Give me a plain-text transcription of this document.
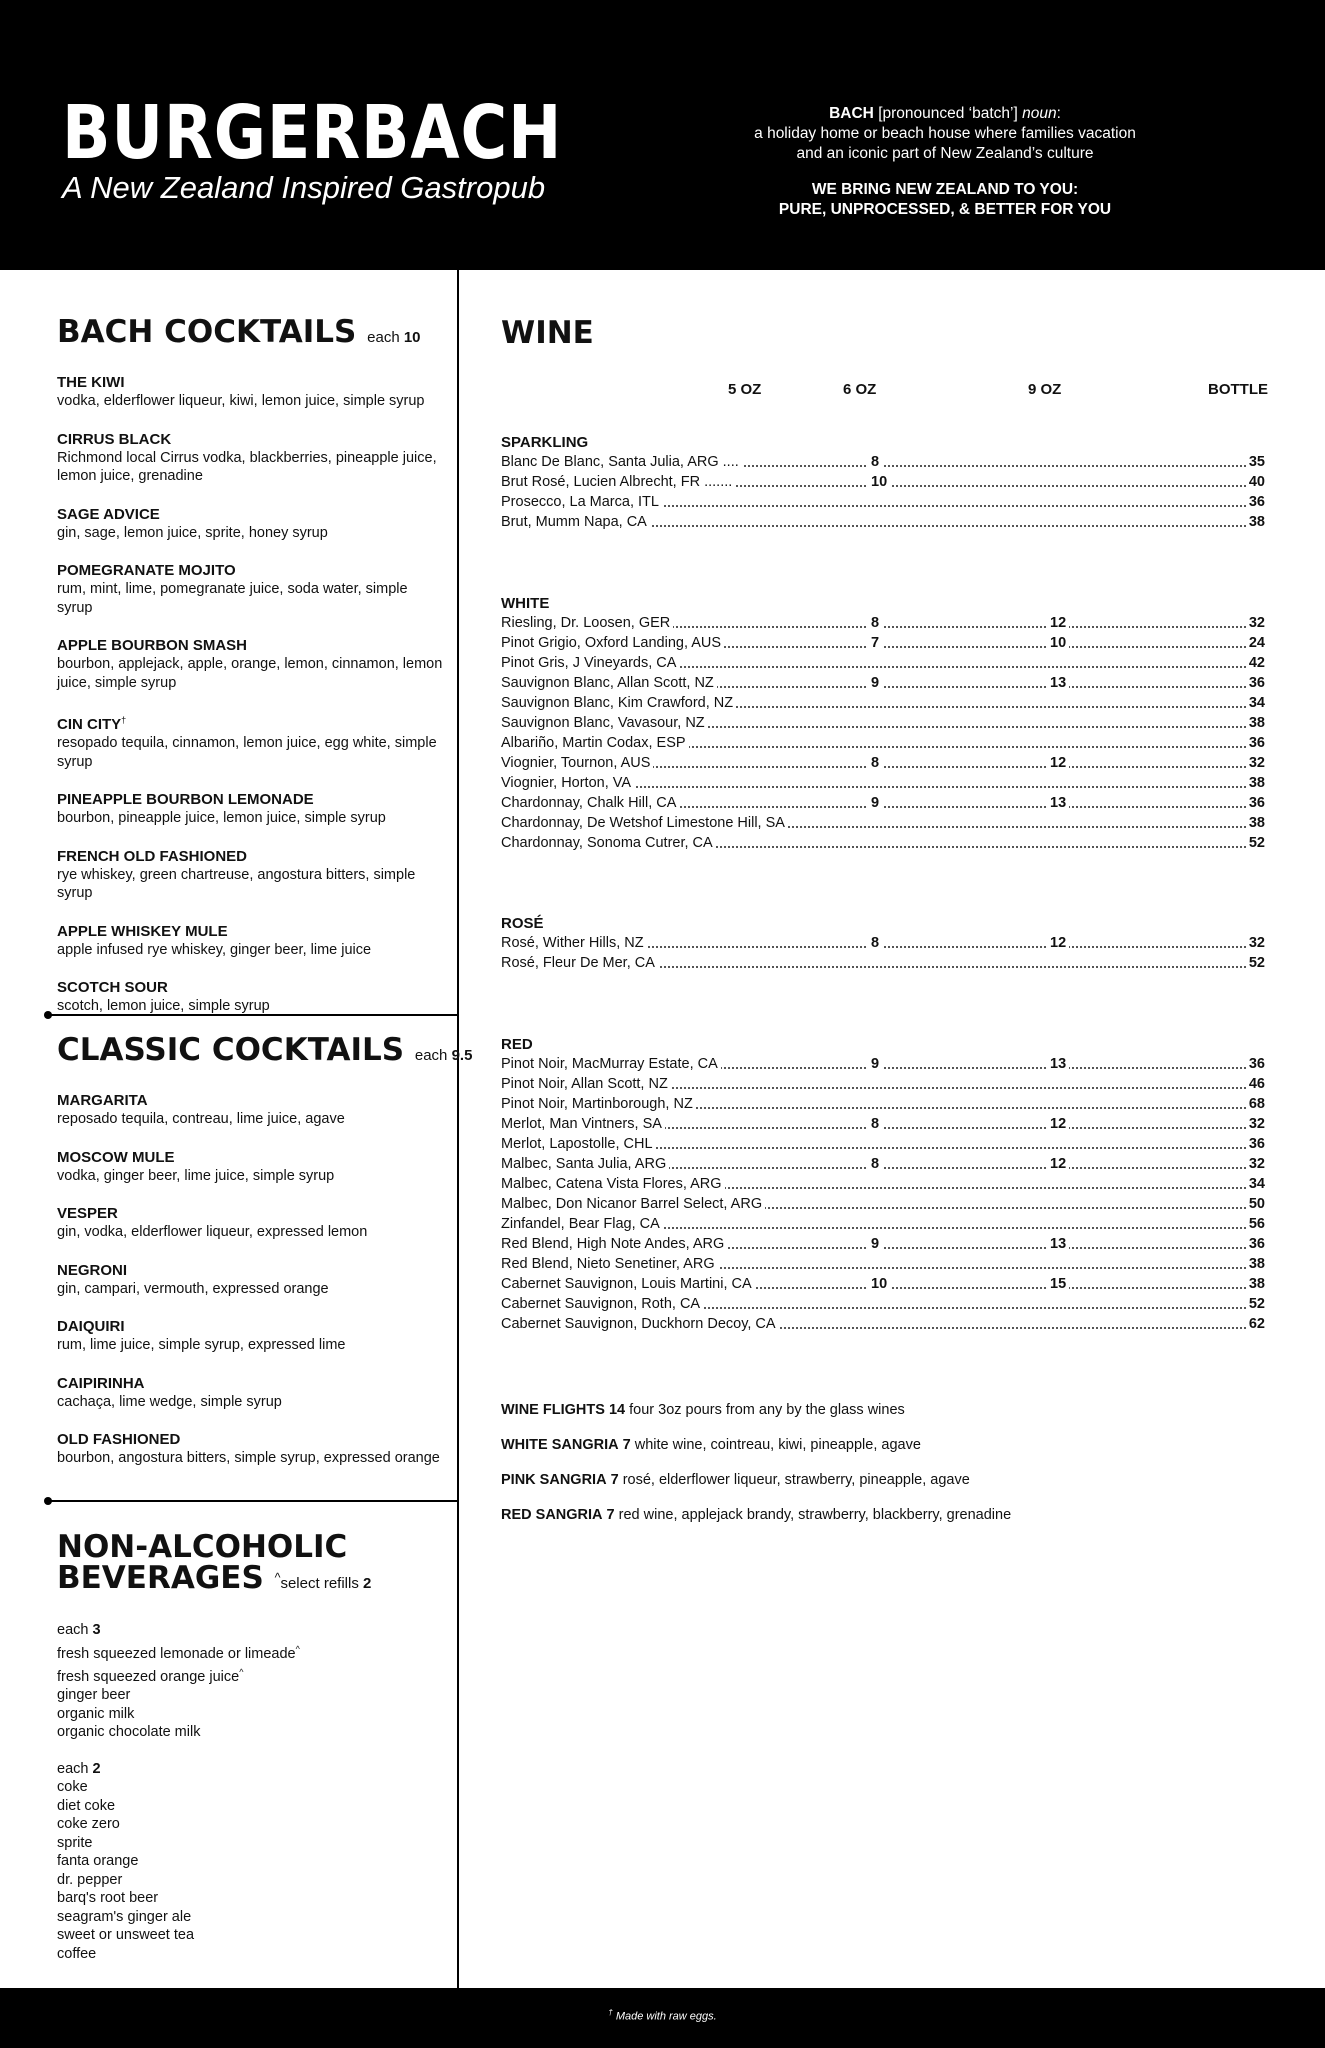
BURGERBACH
A New Zealand Inspired Gastropub
BACH [pronounced ‘batch’] noun:
a holiday home or beach house where families vacation
and an iconic part of New Zealand’s culture
WE BRING NEW ZEALAND TO YOU:
PURE, UNPROCESSED, & BETTER FOR YOU
BACH COCKTAILS each 10
THE KIWI
vodka, elderflower liqueur, kiwi, lemon juice, simple syrup
CIRRUS BLACK
Richmond local Cirrus vodka, blackberries, pineapple juice, lemon juice, grenadine
SAGE ADVICE
gin, sage, lemon juice, sprite, honey syrup
POMEGRANATE MOJITO
rum, mint, lime, pomegranate juice, soda water, simple syrup
APPLE BOURBON SMASH
bourbon, applejack, apple, orange, lemon, cinnamon, lemon juice, simple syrup
CIN CITY†
resopado tequila, cinnamon, lemon juice, egg white, simple syrup
PINEAPPLE BOURBON LEMONADE
bourbon, pineapple juice, lemon juice, simple syrup
FRENCH OLD FASHIONED
rye whiskey, green chartreuse, angostura bitters, simple syrup
APPLE WHISKEY MULE
apple infused rye whiskey, ginger beer, lime juice
SCOTCH SOUR
scotch, lemon juice, simple syrup
CLASSIC COCKTAILS each 9.5
MARGARITA
reposado tequila, contreau, lime juice, agave
MOSCOW MULE
vodka, ginger beer, lime juice, simple syrup
VESPER
gin, vodka, elderflower liqueur, expressed lemon
NEGRONI
gin, campari, vermouth, expressed orange
DAIQUIRI
rum, lime juice, simple syrup, expressed lime
CAIPIRINHA
cachaça, lime wedge, simple syrup
OLD FASHIONED
bourbon, angostura bitters, simple syrup, expressed orange
NON-ALCOHOLIC
BEVERAGES ^select refills 2
each 3
fresh squeezed lemonade or limeade^
fresh squeezed orange juice^
ginger beer
organic milk
organic chocolate milk
each 2
coke
diet coke
coke zero
sprite
fanta orange
dr. pepper
barq's root beer
seagram's ginger ale
sweet or unsweet tea
coffee
WINE
5 OZ	6 OZ	9 OZ	BOTTLE
SPARKLING
Blanc De Blanc, Santa Julia, ARG ....	8	35
Brut Rosé, Lucien Albrecht, FR .......	10	40
Prosecco, La Marca, ITL	36
Brut, Mumm Napa, CA	38
WHITE
Riesling, Dr. Loosen, GER	8	12	32
Pinot Grigio, Oxford Landing, AUS	7	10	24
Pinot Gris, J Vineyards, CA	42
Sauvignon Blanc, Allan Scott, NZ	9	13	36
Sauvignon Blanc, Kim Crawford, NZ	34
Sauvignon Blanc, Vavasour, NZ	38
Albariño, Martin Codax, ESP	36
Viognier, Tournon, AUS	8	12	32
Viognier, Horton, VA	38
Chardonnay, Chalk Hill, CA	9	13	36
Chardonnay, De Wetshof Limestone Hill, SA	38
Chardonnay, Sonoma Cutrer, CA	52
ROSÉ
Rosé, Wither Hills, NZ	8	12	32
Rosé, Fleur De Mer, CA	52
RED
Pinot Noir, MacMurray Estate, CA	9	13	36
Pinot Noir, Allan Scott, NZ	46
Pinot Noir, Martinborough, NZ	68
Merlot, Man Vintners, SA	8	12	32
Merlot, Lapostolle, CHL	36
Malbec, Santa Julia, ARG	8	12	32
Malbec, Catena Vista Flores, ARG	34
Malbec, Don Nicanor Barrel Select, ARG	50
Zinfandel, Bear Flag, CA	56
Red Blend, High Note Andes, ARG	9	13	36
Red Blend, Nieto Senetiner, ARG	38
Cabernet Sauvignon, Louis Martini, CA	10	15	38
Cabernet Sauvignon, Roth, CA	52
Cabernet Sauvignon, Duckhorn Decoy, CA	62
WINE FLIGHTS 14 four 3oz pours from any by the glass wines
WHITE SANGRIA 7 white wine, cointreau, kiwi, pineapple, agave
PINK SANGRIA 7 rosé, elderflower liqueur, strawberry, pineapple, agave
RED SANGRIA 7 red wine, applejack brandy, strawberry, blackberry, grenadine
† Made with raw eggs.
